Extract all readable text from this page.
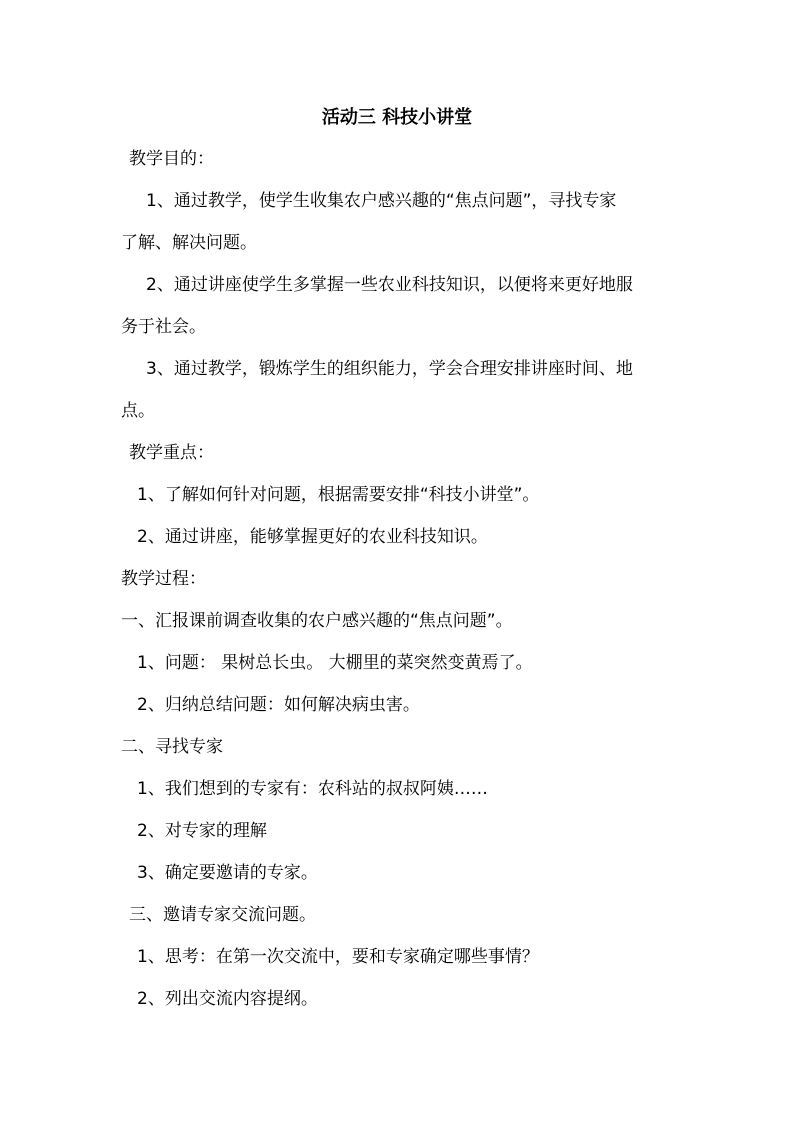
活动三 科技小讲堂

教学目的：

1、通过教学，使学生收集农户感兴趣的“焦点问题”，寻找专家

了解、解决问题。

2、通过讲座使学生多掌握一些农业科技知识，以便将来更好地服

务于社会。

3、通过教学，锻炼学生的组织能力，学会合理安排讲座时间、地

点。

教学重点：

1、了解如何针对问题，根据需要安排“科技小讲堂”。

2、通过讲座，能够掌握更好的农业科技知识。

教学过程：

一、汇报课前调查收集的农户感兴趣的“焦点问题”。

1、问题： 果树总长虫。 大棚里的菜突然变黄焉了。

2、归纳总结问题：如何解决病虫害。

二、寻找专家

1、我们想到的专家有：农科站的叔叔阿姨……

2、对专家的理解

3、确定要邀请的专家。

三、邀请专家交流问题。

1、思考：在第一次交流中，要和专家确定哪些事情？

2、列出交流内容提纲。
